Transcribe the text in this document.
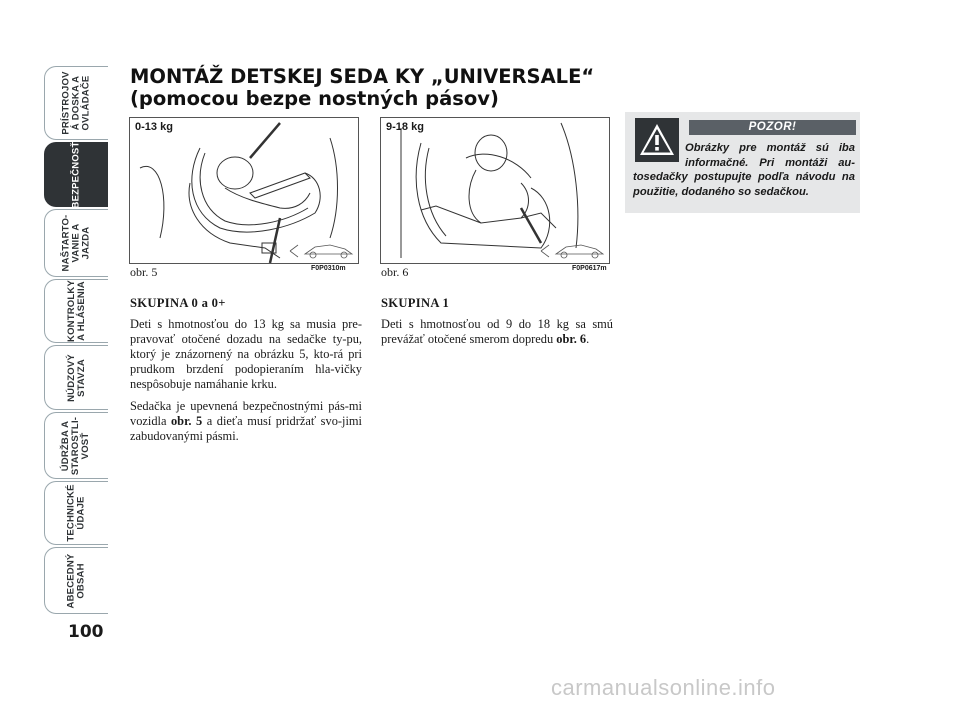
PRÍSTROJOV
Á DOSKA A
OVLÁDAČE
BEZPEČNOSŤ
NAŠTARTO-
VANIE A
JAZDA
KONTROLKY
A HLÁSENIA
NÚDZOVÝ
STAVZA
ÚDRŽBA A
STAROSTLI-
VOSŤ
TECHNICKÉ
ÚDAJE
ABECEDNÝ
OBSAH
100
MONTÁŽ DETSKEJ SEDA KY „UNIVERSALE“
(pomocou bezpe nostných pásov)
0-13 kg
obr. 5	F0P0310m
9-18 kg
obr. 6	F0P0617m
SKUPINA 0 a 0+

Deti s hmotnosťou do 13 kg sa musia pre-pravovať otočené dozadu na sedačke ty-pu, ktorý je znázornený na obrázku 5, kto-rá pri prudkom brzdení podopieraním hla-vičky nespôsobuje namáhanie krku.

Sedačka je upevnená bezpečnostnými pás-mi vozidla obr. 5 a dieťa musí pridržať svo-jimi zabudovanými pásmi.

SKUPINA 1

Deti s hmotnosťou od 9 do 18 kg sa smú prevážať otočené smerom dopredu obr. 6.

POZOR!
Obrázky pre montáž sú iba informačné. Pri montáži au-tosedačky postupujte podľa návodu na použitie, dodaného so sedačkou.
carmanualsonline.info
